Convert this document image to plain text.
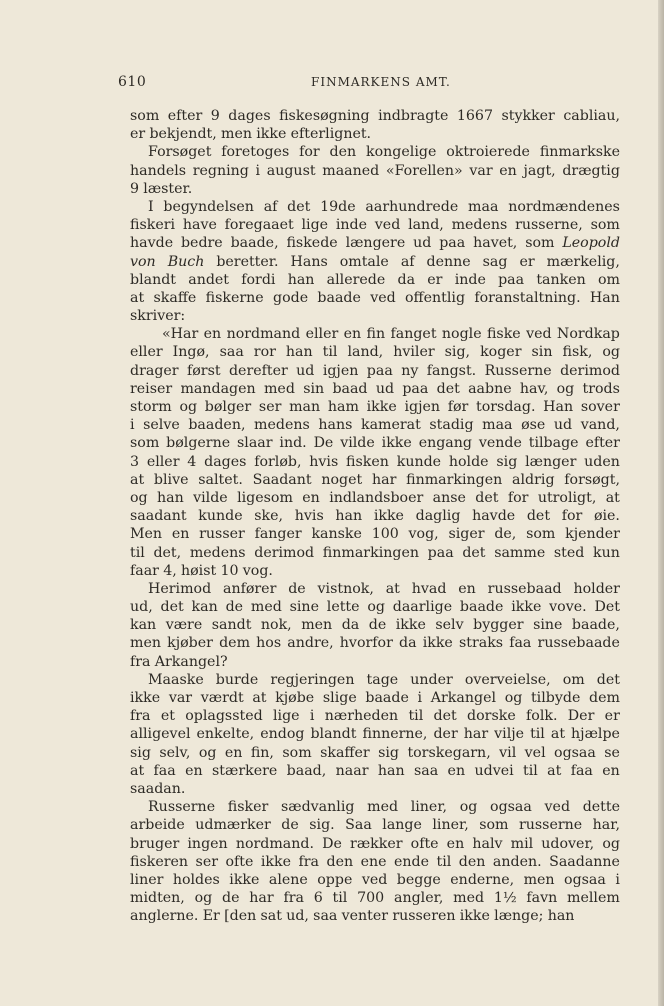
610	FINMARKENS AMT.
som efter 9 dages fiskesøgning indbragte 1667 stykker cabliau,
er bekjendt, men ikke efterlignet.
Forsøget foretoges for den kongelige oktroierede finmarkske
handels regning i august maaned «Forellen» var en jagt, drægtig
9 læster.
I begyndelsen af det 19de aarhundrede maa nordmændenes
fiskeri have foregaaet lige inde ved land, medens russerne, som
havde bedre baade, fiskede længere ud paa havet, som Leopold
von Buch beretter. Hans omtale af denne sag er mærkelig,
blandt andet fordi han allerede da er inde paa tanken om
at skaffe fiskerne gode baade ved offentlig foranstaltning. Han
skriver:
«Har en nordmand eller en fin fanget nogle fiske ved Nordkap
eller Ingø, saa ror han til land, hviler sig, koger sin fisk, og
drager først derefter ud igjen paa ny fangst. Russerne derimod
reiser mandagen med sin baad ud paa det aabne hav, og trods
storm og bølger ser man ham ikke igjen før torsdag. Han sover
i selve baaden, medens hans kamerat stadig maa øse ud vand,
som bølgerne slaar ind. De vilde ikke engang vende tilbage efter
3 eller 4 dages forløb, hvis fisken kunde holde sig længer uden
at blive saltet. Saadant noget har finmarkingen aldrig forsøgt,
og han vilde ligesom en indlandsboer anse det for utroligt, at
saadant kunde ske, hvis han ikke daglig havde det for øie.
Men en russer fanger kanske 100 vog, siger de, som kjender
til det, medens derimod finmarkingen paa det samme sted kun
faar 4, høist 10 vog.
Herimod anfører de vistnok, at hvad en russebaad holder
ud, det kan de med sine lette og daarlige baade ikke vove. Det
kan være sandt nok, men da de ikke selv bygger sine baade,
men kjøber dem hos andre, hvorfor da ikke straks faa russebaade
fra Arkangel?
Maaske burde regjeringen tage under overveielse, om det
ikke var værdt at kjøbe slige baade i Arkangel og tilbyde dem
fra et oplagssted lige i nærheden til det dorske folk. Der er
alligevel enkelte, endog blandt finnerne, der har vilje til at hjælpe
sig selv, og en fin, som skaffer sig torskegarn, vil vel ogsaa se
at faa en stærkere baad, naar han saa en udvei til at faa en
saadan.
Russerne fisker sædvanlig med liner, og ogsaa ved dette
arbeide udmærker de sig. Saa lange liner, som russerne har,
bruger ingen nordmand. De rækker ofte en halv mil udover, og
fiskeren ser ofte ikke fra den ene ende til den anden. Saadanne
liner holdes ikke alene oppe ved begge enderne, men ogsaa i
midten, og de har fra 6 til 700 angler, med 1½ favn mellem
anglerne. Er [den sat ud, saa venter russeren ikke længe; han
